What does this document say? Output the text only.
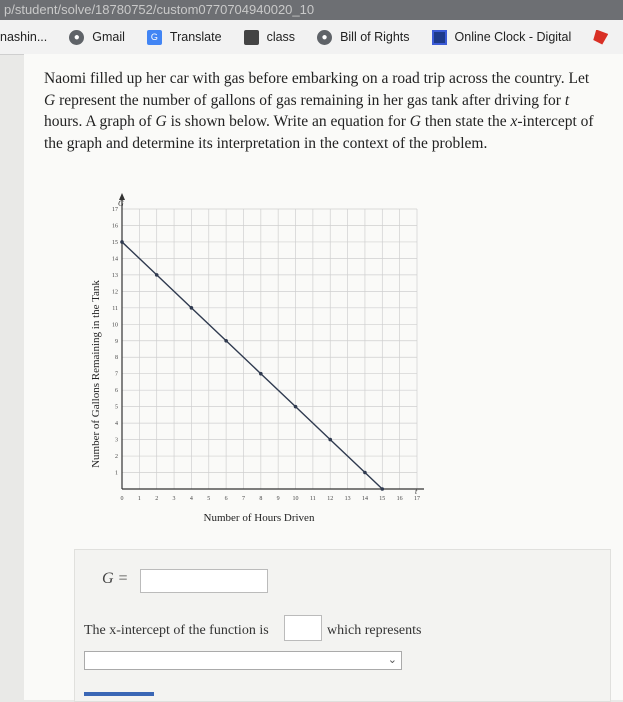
p/student/solve/18780752/custom0770704940020_10
nashin...	● Gmail	G Translate	class	● Bill of Rights	Online Clock - Digital
Naomi filled up her car with gas before embarking on a road trip across the country. Let G represent the number of gallons of gas remaining in her gas tank after driving for t hours. A graph of G is shown below. Write an equation for G then state the x-intercept of the graph and determine its interpretation in the context of the problem.
0 1 2 3 4 5 6 7 8 9 10 11 12 13 14 15 16 17
1
2
3
4
5
6
7
8
9
10
11
12
13
14
15
16
17
Number of Hours Driven
Number of Gallons Remaining in the Tank
G
t
G =
The x-intercept of the function is	which represents
⌄
